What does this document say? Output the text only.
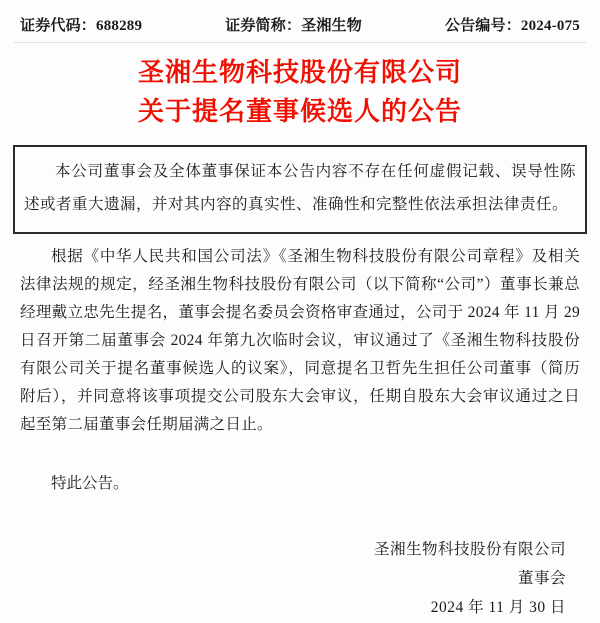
证券代码：688289	证券简称：圣湘生物	公告编号：2024-075
圣湘生物科技股份有限公司
关于提名董事候选人的公告

本公司董事会及全体董事保证本公告内容不存在任何虚假记载、误导性陈述或者重大遗漏，并对其内容的真实性、准确性和完整性依法承担法律责任。

根据《中华人民共和国公司法》《圣湘生物科技股份有限公司章程》及相关法律法规的规定，经圣湘生物科技股份有限公司（以下简称“公司”）董事长兼总经理戴立忠先生提名，董事会提名委员会资格审查通过，公司于 2024 年 11 月 29 日召开第二届董事会 2024 年第九次临时会议，审议通过了《圣湘生物科技股份有限公司关于提名董事候选人的议案》，同意提名卫哲先生担任公司董事（简历附后），并同意将该事项提交公司股东大会审议，任期自股东大会审议通过之日起至第二届董事会任期届满之日止。

特此公告。

圣湘生物科技股份有限公司
董事会
2024 年 11 月 30 日
